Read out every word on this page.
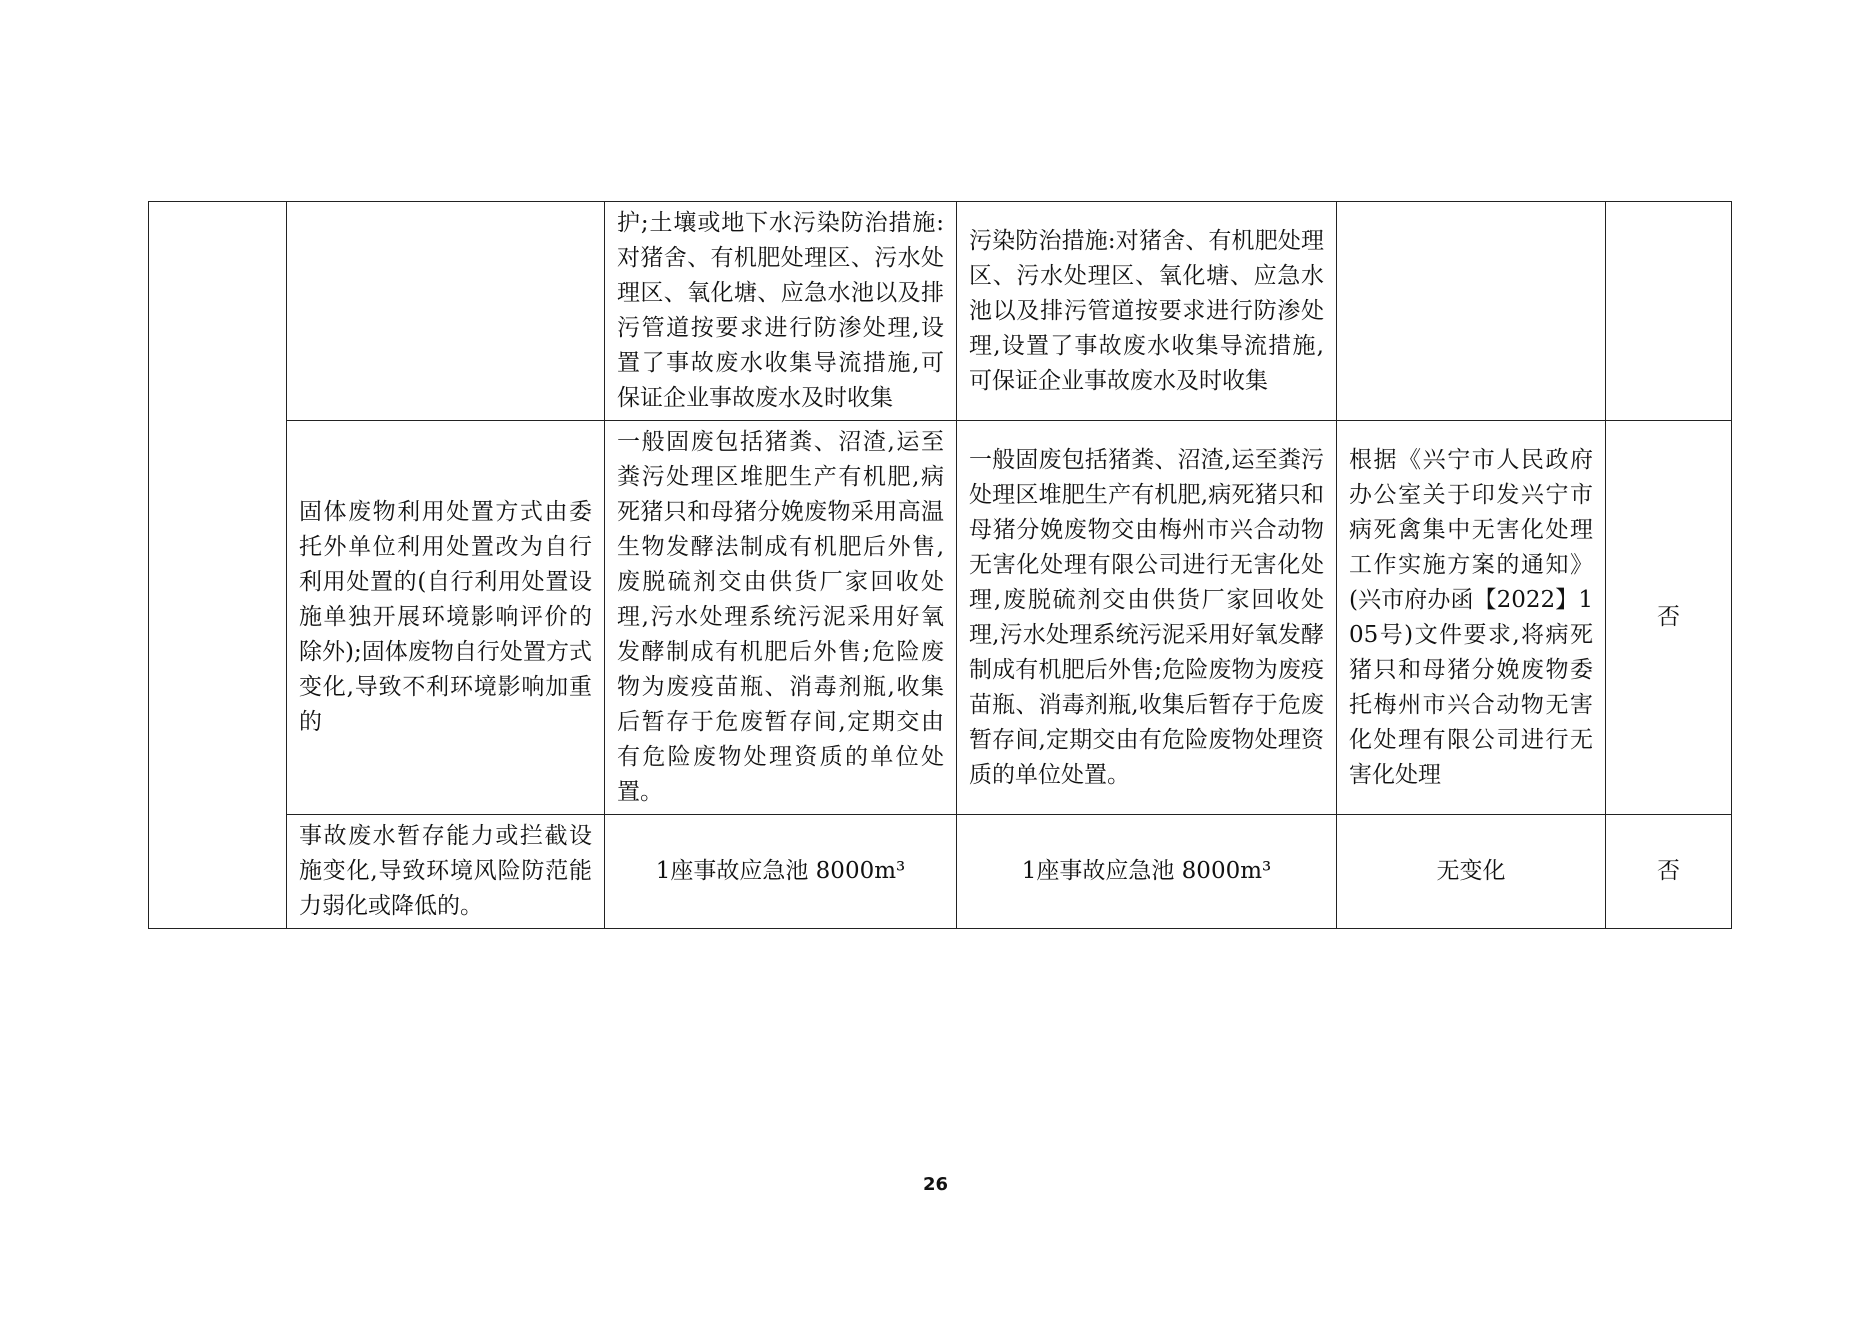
		护;土壤或地下水污染防治措施:对猪舍、有机肥处理区、污水处理区、氧化塘、应急水池以及排污管道按要求进行防渗处理,设置了事故废水收集导流措施,可保证企业事故废水及时收集	污染防治措施:对猪舍、有机肥处理区、污水处理区、氧化塘、应急水池以及排污管道按要求进行防渗处理,设置了事故废水收集导流措施,可保证企业事故废水及时收集		

	固体废物利用处置方式由委托外单位利用处置改为自行利用处置的(自行利用处置设施单独开展环境影响评价的除外);固体废物自行处置方式变化,导致不利环境影响加重的	一般固废包括猪粪、沼渣,运至粪污处理区堆肥生产有机肥,病死猪只和母猪分娩废物采用高温生物发酵法制成有机肥后外售,废脱硫剂交由供货厂家回收处理,污水处理系统污泥采用好氧发酵制成有机肥后外售;危险废物为废疫苗瓶、消毒剂瓶,收集后暂存于危废暂存间,定期交由有危险废物处理资质的单位处置。	一般固废包括猪粪、沼渣,运至粪污处理区堆肥生产有机肥,病死猪只和母猪分娩废物交由梅州市兴合动物无害化处理有限公司进行无害化处理,废脱硫剂交由供货厂家回收处理,污水处理系统污泥采用好氧发酵制成有机肥后外售;危险废物为废疫苗瓶、消毒剂瓶,收集后暂存于危废暂存间,定期交由有危险废物处理资质的单位处置。	根据《兴宁市人民政府办公室关于印发兴宁市病死禽集中无害化处理工作实施方案的通知》(兴市府办函【2022】105号)文件要求,将病死猪只和母猪分娩废物委托梅州市兴合动物无害化处理有限公司进行无害化处理	否

	事故废水暂存能力或拦截设施变化,导致环境风险防范能力弱化或降低的。	1座事故应急池 8000m³	1座事故应急池 8000m³	无变化	否
26
